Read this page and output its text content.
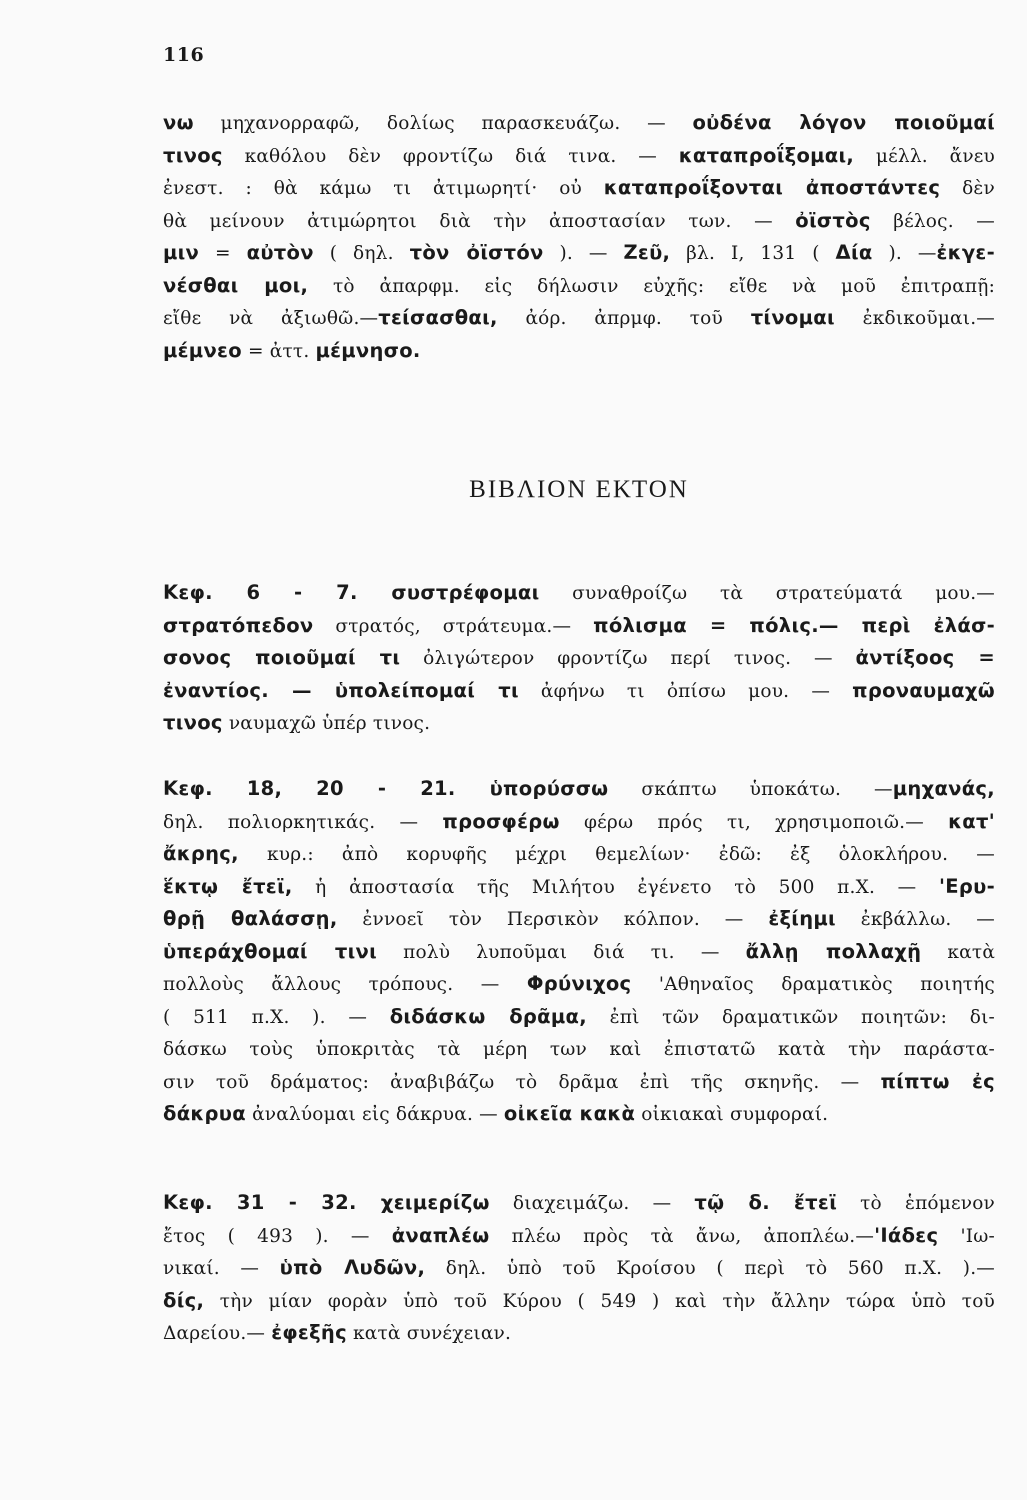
116
νω μηχανορραφῶ, δολίως παρασκευάζω. — οὐδένα λόγον ποιοῦμαί
τινος καθόλου δὲν φροντίζω διά τινα. — καταπροΐξομαι, μέλλ. ἄνευ
ἐνεστ. : θὰ κάμω τι ἀτιμωρητί· οὐ καταπροΐξονται ἀποστάντες δὲν
θὰ μείνουν ἀτιμώρητοι διὰ τὴν ἀποστασίαν των. — ὀϊστὸς βέλος. —
μιν = αὐτὸν ( δηλ. τὸν ὀϊστόν ). — Ζεῦ, βλ. I, 131 ( Δία ). —ἐκγε-
νέσθαι μοι, τὸ ἀπαρφμ. εἰς δήλωσιν εὐχῆς: εἴθε νὰ μοῦ ἐπιτραπῇ:
εἴθε νὰ ἀξιωθῶ.—τείσασθαι, ἀόρ. ἀπρμφ. τοῦ τίνομαι ἐκδικοῦμαι.—
μέμνεο = ἀττ. μέμνησο.
ΒΙΒΛΙΟΝ ΕΚΤΟΝ
Κεφ. 6 - 7. συστρέφομαι συναθροίζω τὰ στρατεύματά μου.—
στρατόπεδον στρατός, στράτευμα.— πόλισμα = πόλις.— περὶ ἐλάσ-
σονος ποιοῦμαί τι ὀλιγώτερον φροντίζω περί τινος. — ἀντίξοος =
ἐναντίος. — ὑπολείπομαί τι ἀφήνω τι ὀπίσω μου. — προναυμαχῶ
τινος ναυμαχῶ ὑπέρ τινος.
Κεφ. 18, 20 - 21. ὑπορύσσω σκάπτω ὑποκάτω. —μηχανάς,
δηλ. πολιορκητικάς. — προσφέρω φέρω πρός τι, χρησιμοποιῶ.— κατ'
ἄκρης, κυρ.: ἀπὸ κορυφῆς μέχρι θεμελίων· ἐδῶ: ἐξ ὁλοκλήρου. —
ἕκτῳ ἔτεϊ, ἡ ἀποστασία τῆς Μιλήτου ἐγένετο τὸ 500 π.Χ. — 'Ερυ-
θρῇ θαλάσσῃ, ἐννοεῖ τὸν Περσικὸν κόλπον. — ἐξίημι ἐκβάλλω. —
ὑπεράχθομαί τινι πολὺ λυποῦμαι διά τι. — ἄλλῃ πολλαχῇ κατὰ
πολλοὺς ἄλλους τρόπους. — Φρύνιχος 'Αθηναῖος δραματικὸς ποιητής
( 511 π.Χ. ). — διδάσκω δρᾶμα, ἐπὶ τῶν δραματικῶν ποιητῶν: δι-
δάσκω τοὺς ὑποκριτὰς τὰ μέρη των καὶ ἐπιστατῶ κατὰ τὴν παράστα-
σιν τοῦ δράματος: ἀναβιβάζω τὸ δρᾶμα ἐπὶ τῆς σκηνῆς. — πίπτω ἐς
δάκρυα ἀναλύομαι εἰς δάκρυα. — οἰκεῖα κακὰ οἰκιακαὶ συμφοραί.
Κεφ. 31 - 32. χειμερίζω διαχειμάζω. — τῷ δ. ἔτεϊ τὸ ἑπόμενον
ἔτος ( 493 ). — ἀναπλέω πλέω πρὸς τὰ ἄνω, ἀποπλέω.—'Ιάδες 'Ιω-
νικαί. — ὑπὸ Λυδῶν, δηλ. ὑπὸ τοῦ Κροίσου ( περὶ τὸ 560 π.Χ. ).—
δίς, τὴν μίαν φορὰν ὑπὸ τοῦ Κύρου ( 549 ) καὶ τὴν ἄλλην τώρα ὑπὸ τοῦ
Δαρείου.— ἐφεξῆς κατὰ συνέχειαν.
